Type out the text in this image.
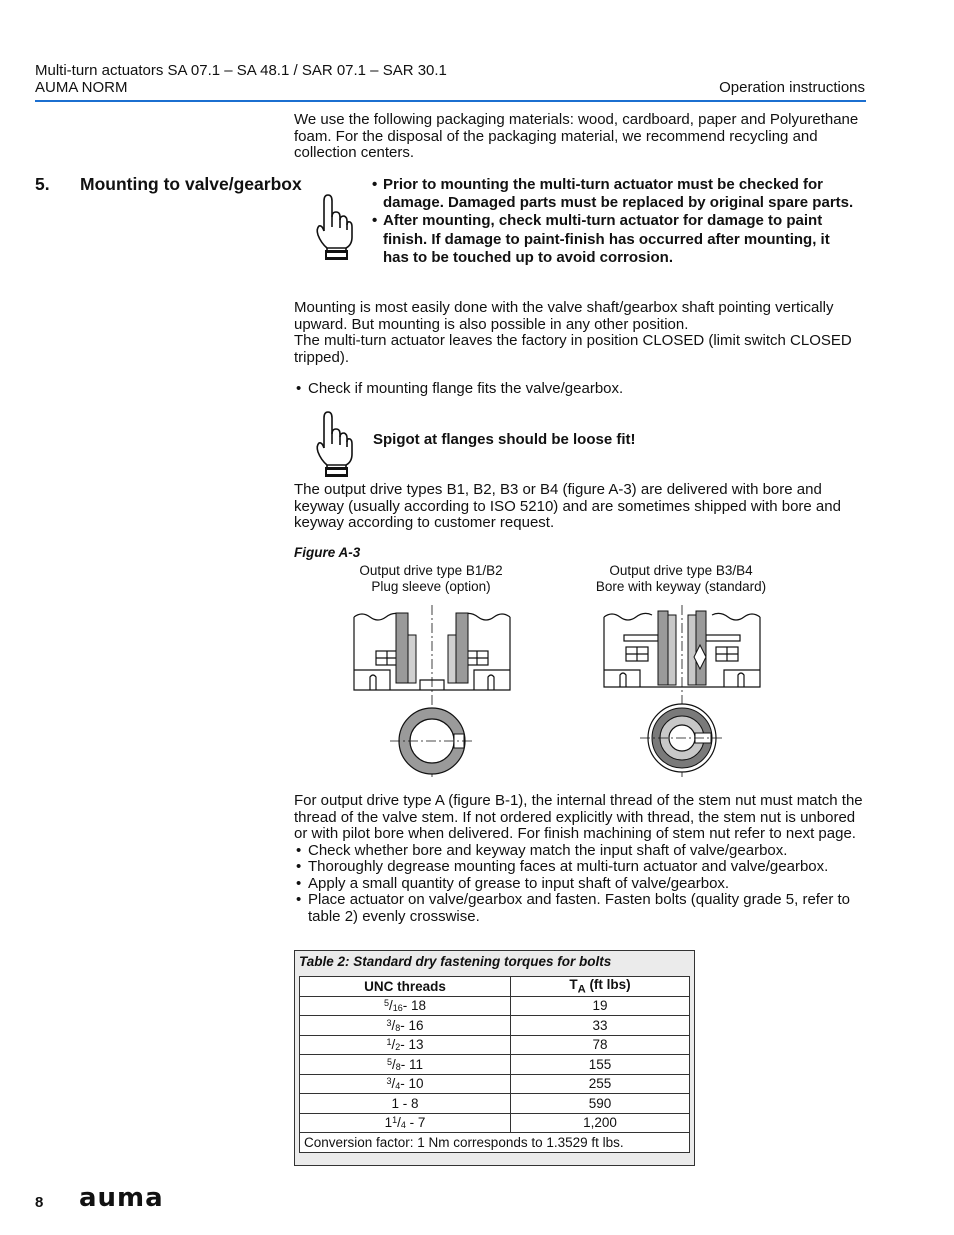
Multi-turn actuators SA 07.1 – SA 48.1 / SAR 07.1 – SAR 30.1
AUMA NORM	Operation instructions
We use the following packaging materials: wood, cardboard, paper and Polyurethane foam. For the disposal of the packaging material, we recommend recycling and collection centers.
5. Mounting to valve/gearbox	• Prior to mounting the multi-turn actuator must be checked for damage. Damaged parts must be replaced by original spare parts.
• After mounting, check multi-turn actuator for damage to paint finish. If damage to paint-finish has occurred after mounting, it has to be touched up to avoid corrosion.
Mounting is most easily done with the valve shaft/gearbox shaft pointing vertically upward. But mounting is also possible in any other position.
The multi-turn actuator leaves the factory in position CLOSED (limit switch CLOSED tripped).
• Check if mounting flange fits the valve/gearbox.
Spigot at flanges should be loose fit!
The output drive types B1, B2, B3 or B4 (figure A-3) are delivered with bore and keyway (usually according to ISO 5210) and are sometimes shipped with bore and keyway according to customer request.
Figure A-3
Output drive type B1/B2
Plug sleeve (option)
Output drive type B3/B4
Bore with keyway (standard)
For output drive type A (figure B-1), the internal thread of the stem nut must match the thread of the valve stem. If not ordered explicitly with thread, the stem nut is unbored or with pilot bore when delivered. For finish machining of stem nut refer to next page.
• Check whether bore and keyway match the input shaft of valve/gearbox.
• Thoroughly degrease mounting faces at multi-turn actuator and valve/gearbox.
• Apply a small quantity of grease to input shaft of valve/gearbox.
• Place actuator on valve/gearbox and fasten. Fasten bolts (quality grade 5, refer to table 2) evenly crosswise.
Table 2: Standard dry fastening torques for bolts
UNC threads	$T_A$ (ft lbs)
$^5$/16- 18	19
$^3$/8- 16	33
$^1$/2- 13	78
$^5$/8- 11	155
$^3$/4- 10	255
1 - 8	590
$1^1/4 - 7$	1,200
Conversion factor: 1 Nm corresponds to 1.3529 ft lbs.	
8 auma
